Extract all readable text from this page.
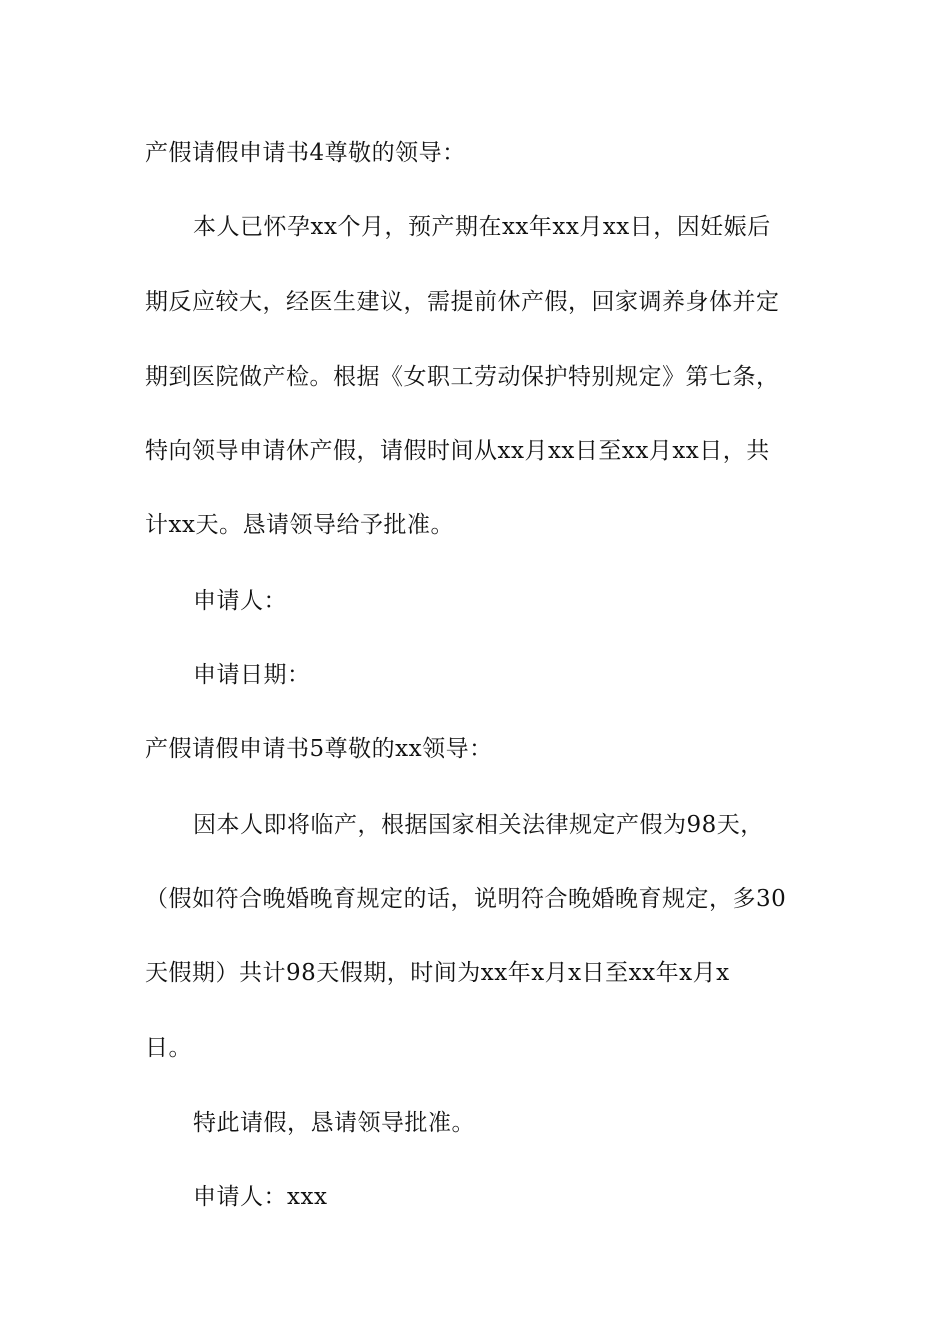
产假请假申请书4尊敬的领导：
本人已怀孕xx个月，预产期在xx年xx月xx日，因妊娠后
期反应较大，经医生建议，需提前休产假，回家调养身体并定
期到医院做产检。根据《女职工劳动保护特别规定》第七条，
特向领导申请休产假，请假时间从xx月xx日至xx月xx日，共
计xx天。恳请领导给予批准。
申请人：
申请日期：
产假请假申请书5尊敬的xx领导：
因本人即将临产，根据国家相关法律规定产假为98天，
（假如符合晚婚晚育规定的话，说明符合晚婚晚育规定，多30
天假期）共计98天假期，时间为xx年x月x日至xx年x月x
日。
特此请假，恳请领导批准。
申请人：xxx
